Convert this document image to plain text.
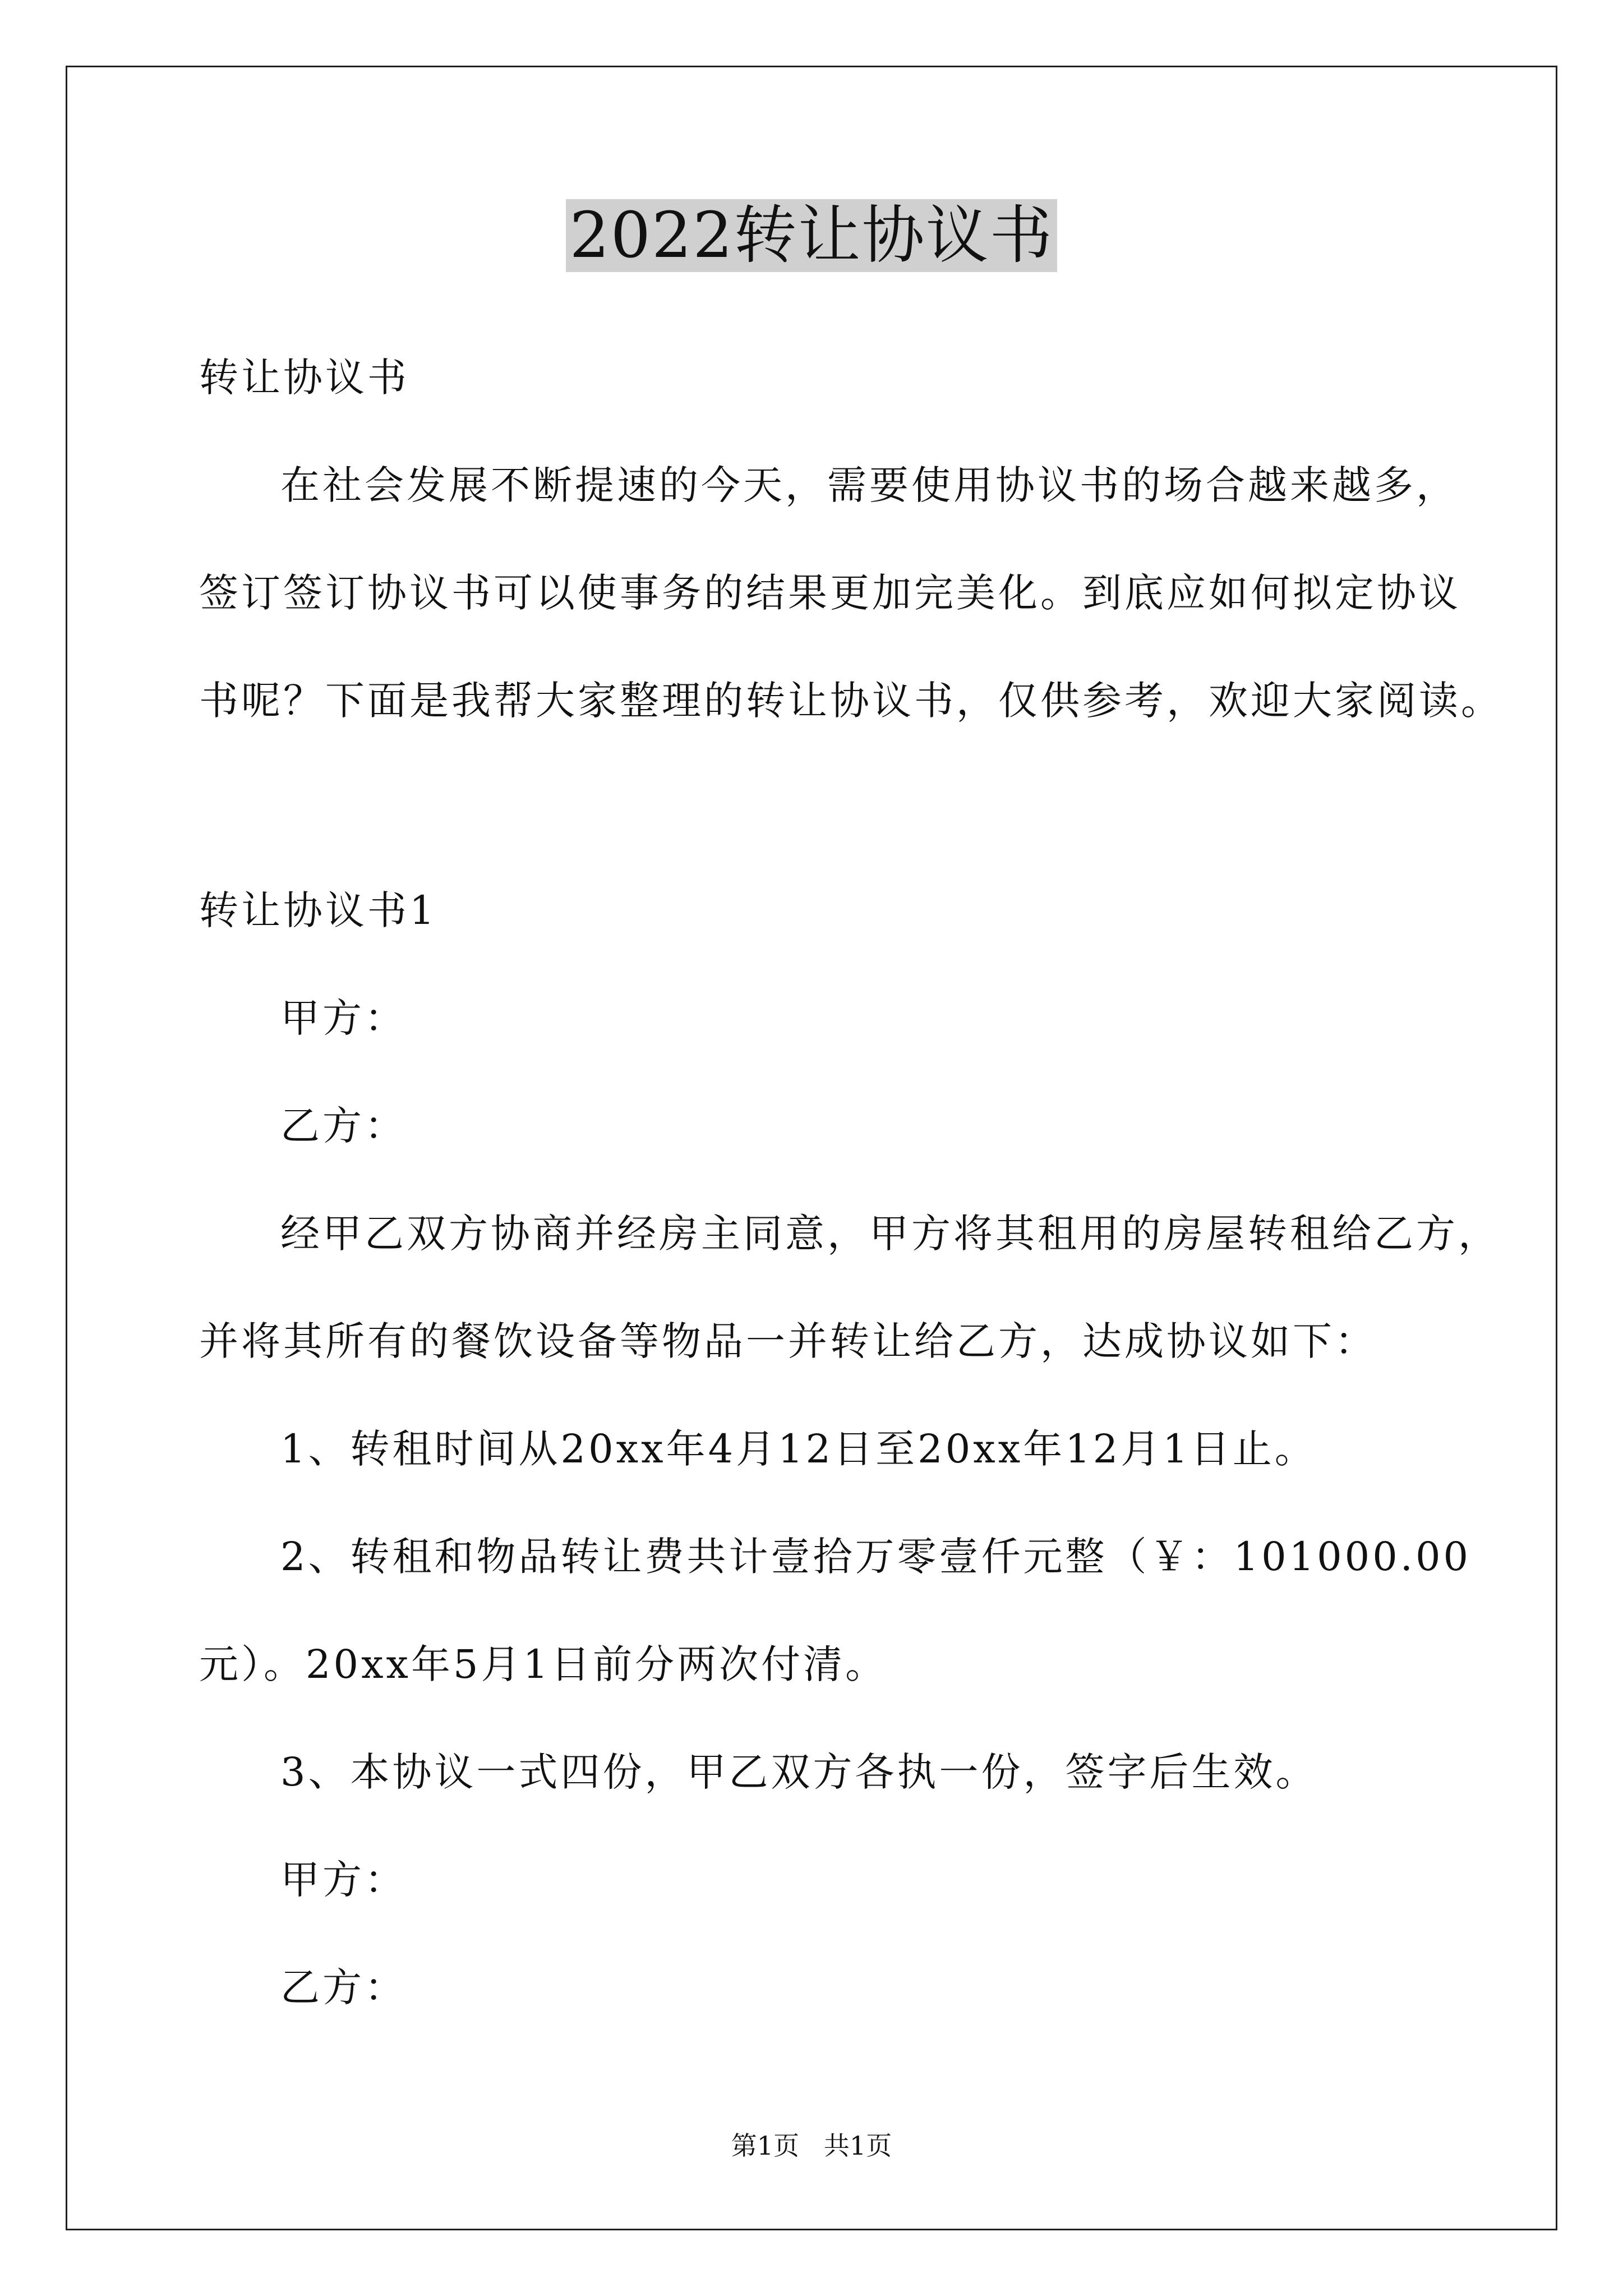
2022转让协议书
转让协议书
在社会发展不断提速的今天，需要使用协议书的场合越来越多，
签订签订协议书可以使事务的结果更加完美化。到底应如何拟定协议
书呢？下面是我帮大家整理的转让协议书，仅供参考，欢迎大家阅读。
转让协议书1
甲方：
乙方：
经甲乙双方协商并经房主同意，甲方将其租用的房屋转租给乙方，
并将其所有的餐饮设备等物品一并转让给乙方，达成协议如下：
1、转租时间从20xx年4月12日至20xx年12月1日止。
2、转租和物品转让费共计壹拾万零壹仟元整（￥：101000.00
元）。20xx年5月1日前分两次付清。
3、本协议一式四份，甲乙双方各执一份，签字后生效。
甲方：
乙方：
第1页   共1页
